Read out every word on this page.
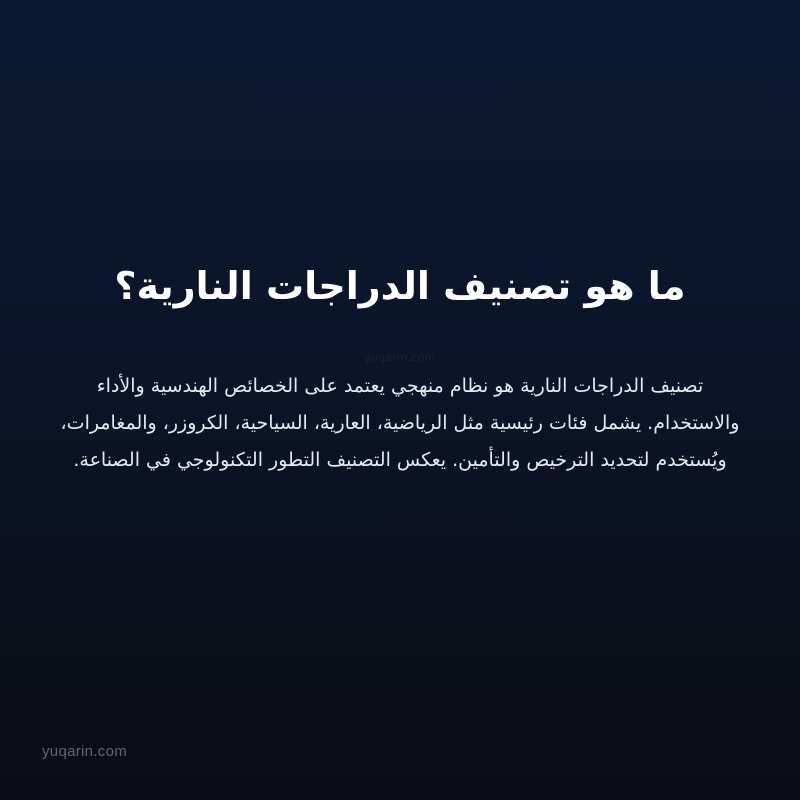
ما هو تصنيف الدراجات النارية؟
yuqarin.com

تصنيف الدراجات النارية هو نظام منهجي يعتمد على الخصائص الهندسية والأداء والاستخدام. يشمل فئات رئيسية مثل الرياضية، العارية، السياحية، الكروزر، والمغامرات، ويُستخدم لتحديد الترخيص والتأمين. يعكس التصنيف التطور التكنولوجي في الصناعة.

yuqarin.com
